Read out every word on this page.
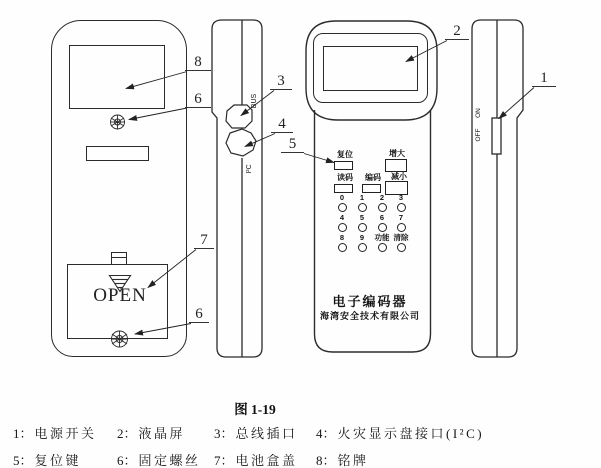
BUS
I²C
ON
OFF
OPEN
复位	增大
读码	编码	减小
0	1	2	3
4	5	6	7
8	9	功能 清除
电子编码器
海湾安全技术有限公司
8
6
3
4
5
2
1
7
6
图 1-19
1： 电源开关 2： 液晶屏 3： 总线插口 4： 火灾显示盘接口(I²C)
5： 复位键	6： 固定螺丝 7： 电池盒盖 8： 铭牌
